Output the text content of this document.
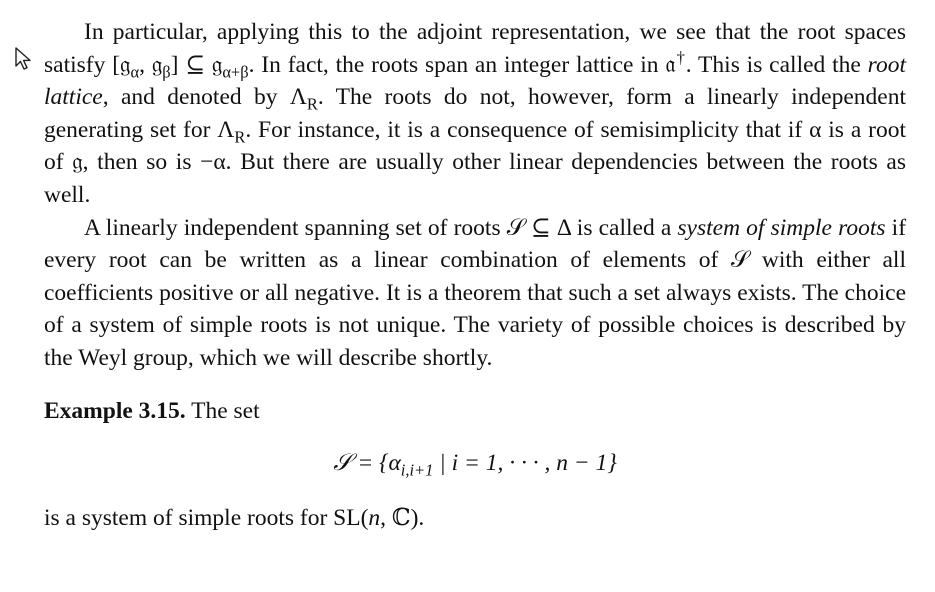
In particular, applying this to the adjoint representation, we see that the root spaces satisfy [𝔤$_\alpha$, 𝔤$_\beta$] ⊆ 𝔤$_{\alpha+\beta}$. In fact, the roots span an integer lattice in 𝔞†. This is called the root lattice, and denoted by $\Lambda_R$. The roots do not, however, form a linearly independent generating set for $\Lambda_R$. For instance, it is a consequence of semisimplicity that if α is a root of 𝔤, then so is −α. But there are usually other linear dependencies between the roots as well.

A linearly independent spanning set of roots 𝒮 ⊆ Δ is called a system of simple roots if every root can be written as a linear combination of elements of 𝒮 with either all coefficients positive or all negative. It is a theorem that such a set always exists. The choice of a system of simple roots is not unique. The variety of possible choices is described by the Weyl group, which we will describe shortly.

Example 3.15. The set

𝒮 = {$\alpha_{i,i+1}$ | i = 1, · · · , n − 1}

is a system of simple roots for SL(n, ℂ).
